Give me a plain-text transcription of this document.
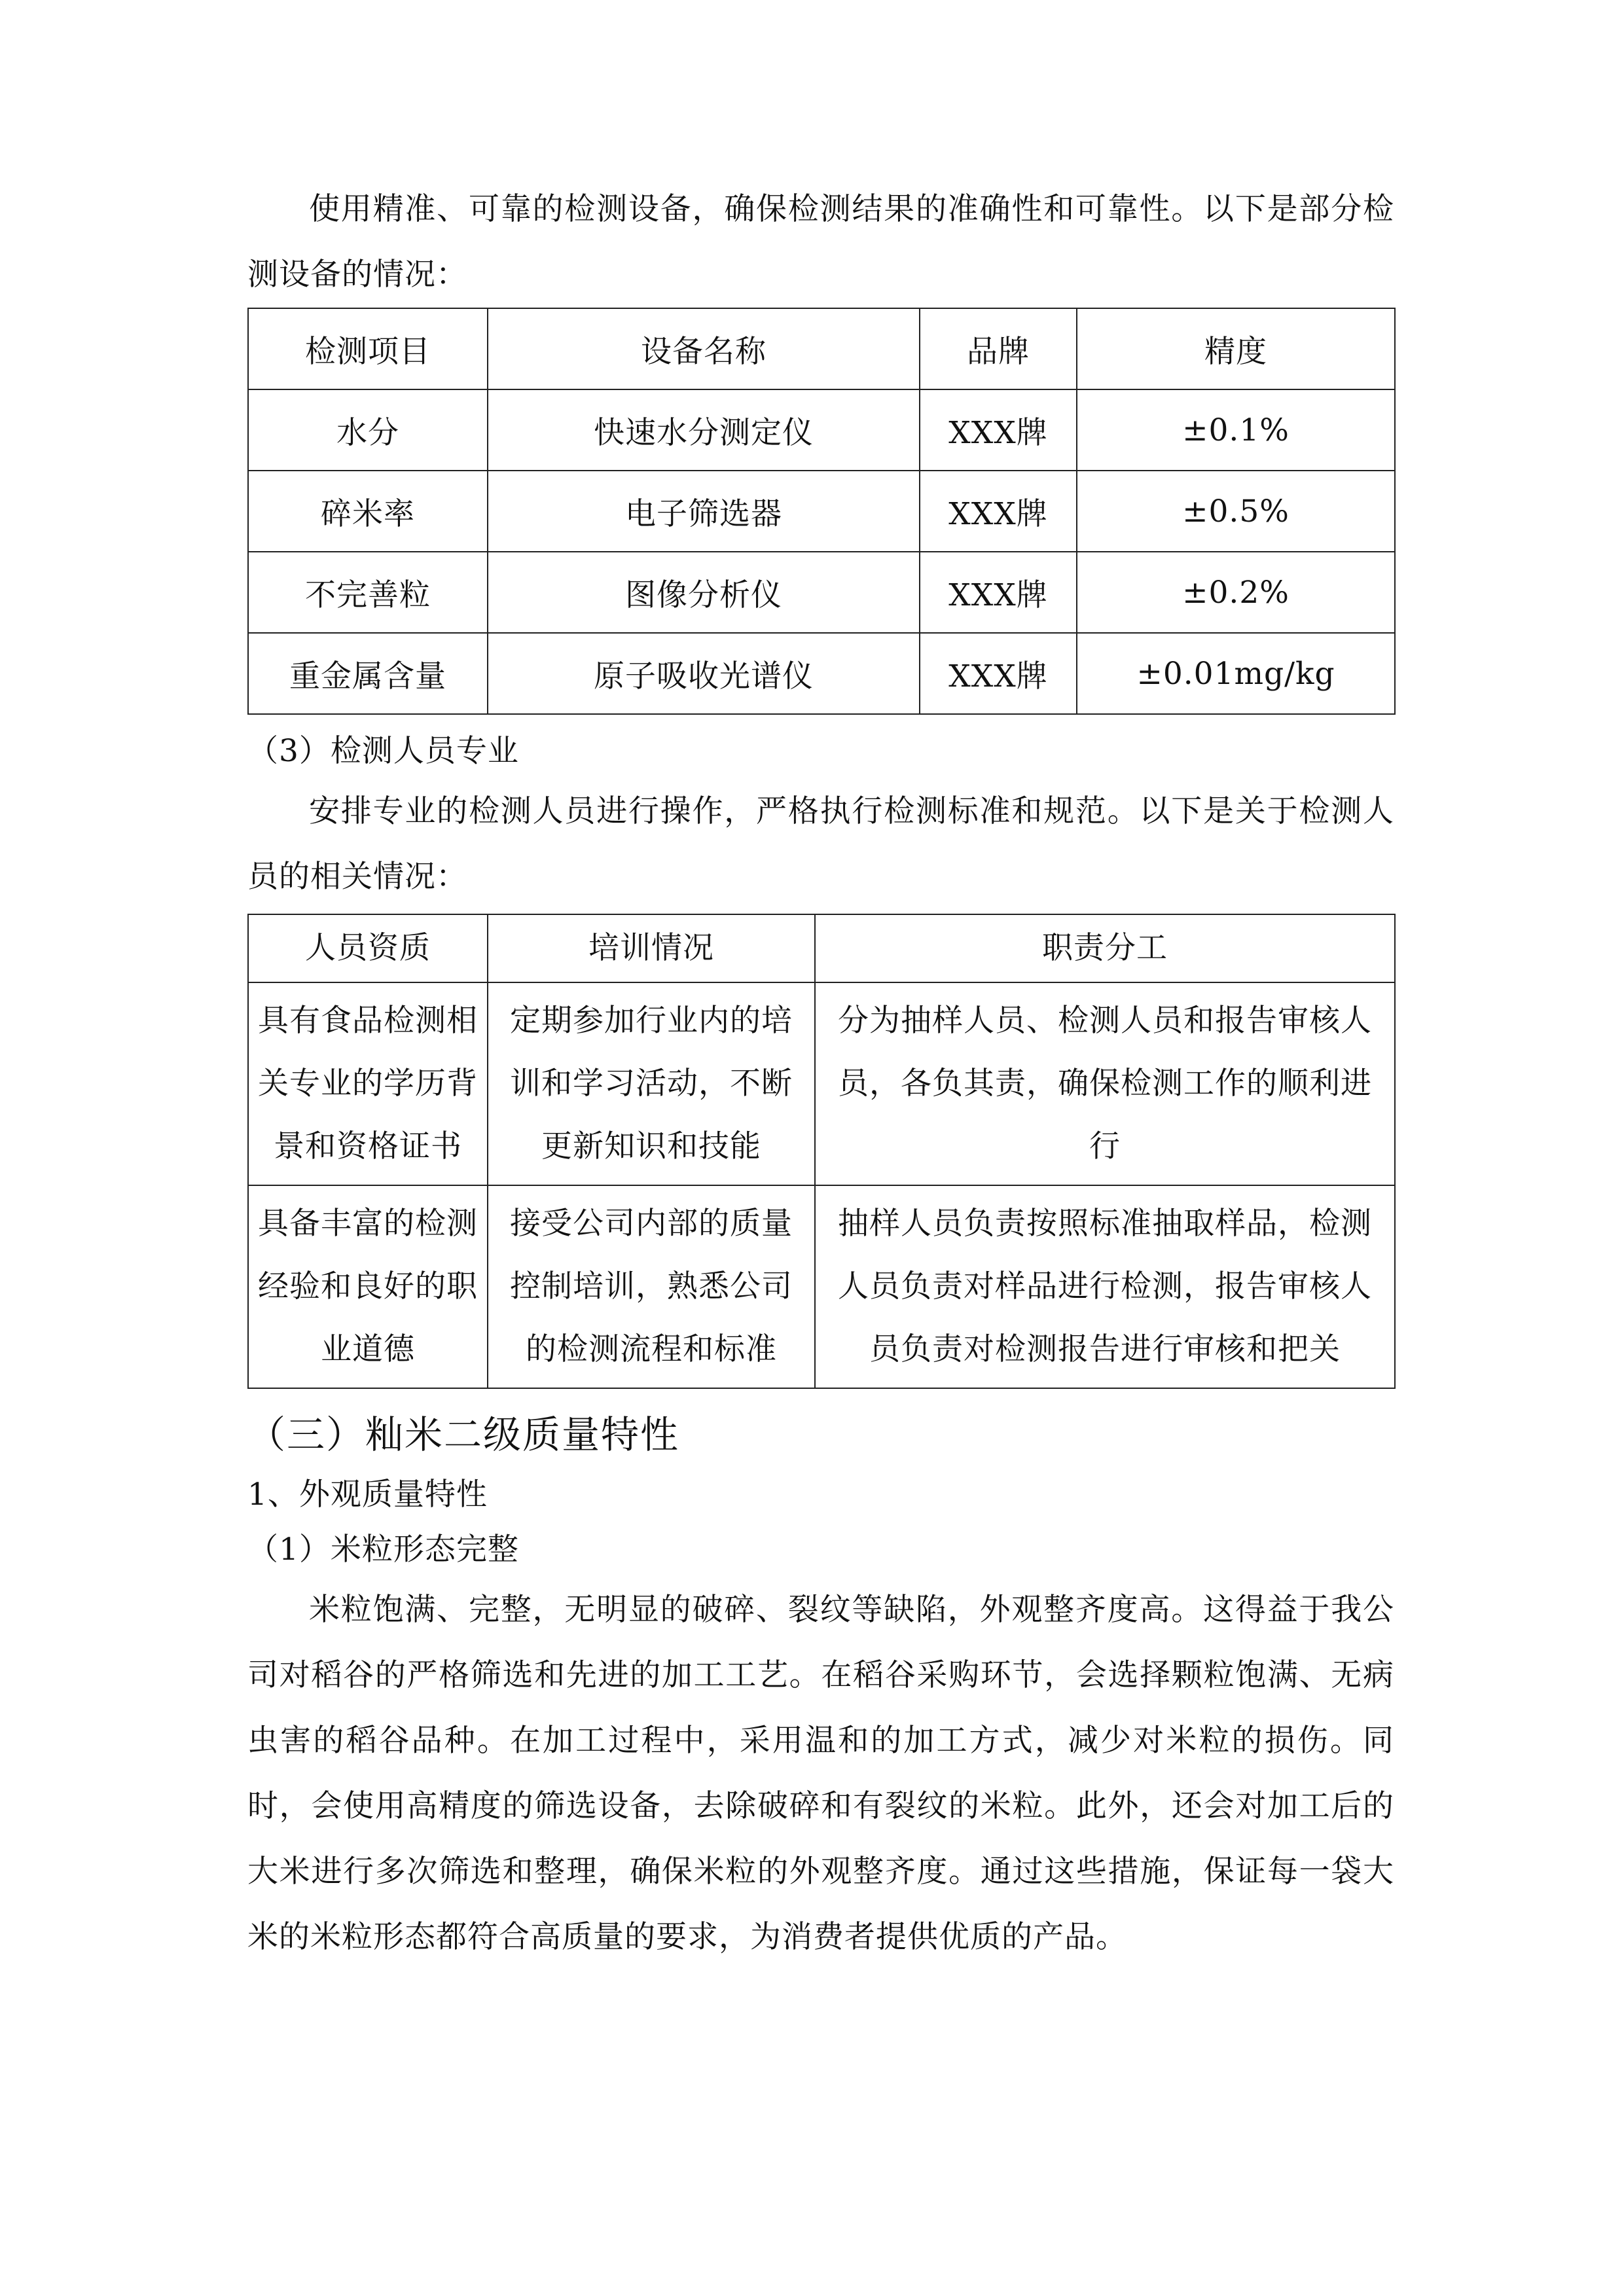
使用精准、可靠的检测设备，确保检测结果的准确性和可靠性。以下是部分检测设备的情况：

检测项目	设备名称	品牌	精度
水分	快速水分测定仪	XXX牌	±0.1%
碎米率	电子筛选器	XXX牌	±0.5%
不完善粒	图像分析仪	XXX牌	±0.2%
重金属含量	原子吸收光谱仪	XXX牌	±0.01mg/kg

（3）检测人员专业

安排专业的检测人员进行操作，严格执行检测标准和规范。以下是关于检测人员的相关情况：

人员资质	培训情况	职责分工
具有食品检测相关专业的学历背景和资格证书	定期参加行业内的培训和学习活动，不断更新知识和技能	分为抽样人员、检测人员和报告审核人员，各负其责，确保检测工作的顺利进行
具备丰富的检测经验和良好的职业道德	接受公司内部的质量控制培训，熟悉公司的检测流程和标准	抽样人员负责按照标准抽取样品，检测人员负责对样品进行检测，报告审核人员负责对检测报告进行审核和把关

（三）籼米二级质量特性

1、外观质量特性

（1）米粒形态完整

米粒饱满、完整，无明显的破碎、裂纹等缺陷，外观整齐度高。这得益于我公司对稻谷的严格筛选和先进的加工工艺。在稻谷采购环节，会选择颗粒饱满、无病虫害的稻谷品种。在加工过程中，采用温和的加工方式，减少对米粒的损伤。同时，会使用高精度的筛选设备，去除破碎和有裂纹的米粒。此外，还会对加工后的大米进行多次筛选和整理，确保米粒的外观整齐度。通过这些措施，保证每一袋大米的米粒形态都符合高质量的要求，为消费者提供优质的产品。
